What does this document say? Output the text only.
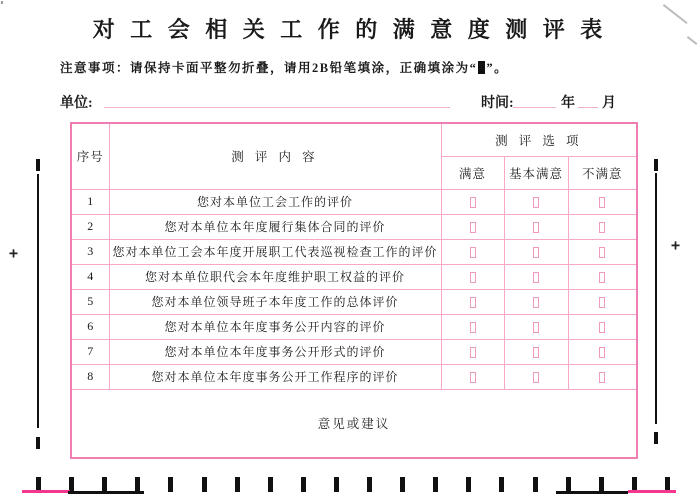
对 工 会 相 关 工 作 的 满 意 度 测 评 表
注意事项：请保持卡面平整勿折叠，请用2B铅笔填涂，正确填涂为“ ”。
单位:	时间:	年 月
序号	测 评 内 容	测 评 选 项		
		满意	基本满意	不满意
1	您对本单位工会工作的评价			
2	您对本单位本年度履行集体合同的评价			
3	您对本单位工会本年度开展职工代表巡视检查工作的评价			
4	您对本单位职代会本年度维护职工权益的评价			
5	您对本单位领导班子本年度工作的总体评价			
6	您对本单位本年度事务公开内容的评价			
7	您对本单位本年度事务公开形式的评价			
8	您对本单位本年度事务公开工作程序的评价			
意见或建议				
+	+
